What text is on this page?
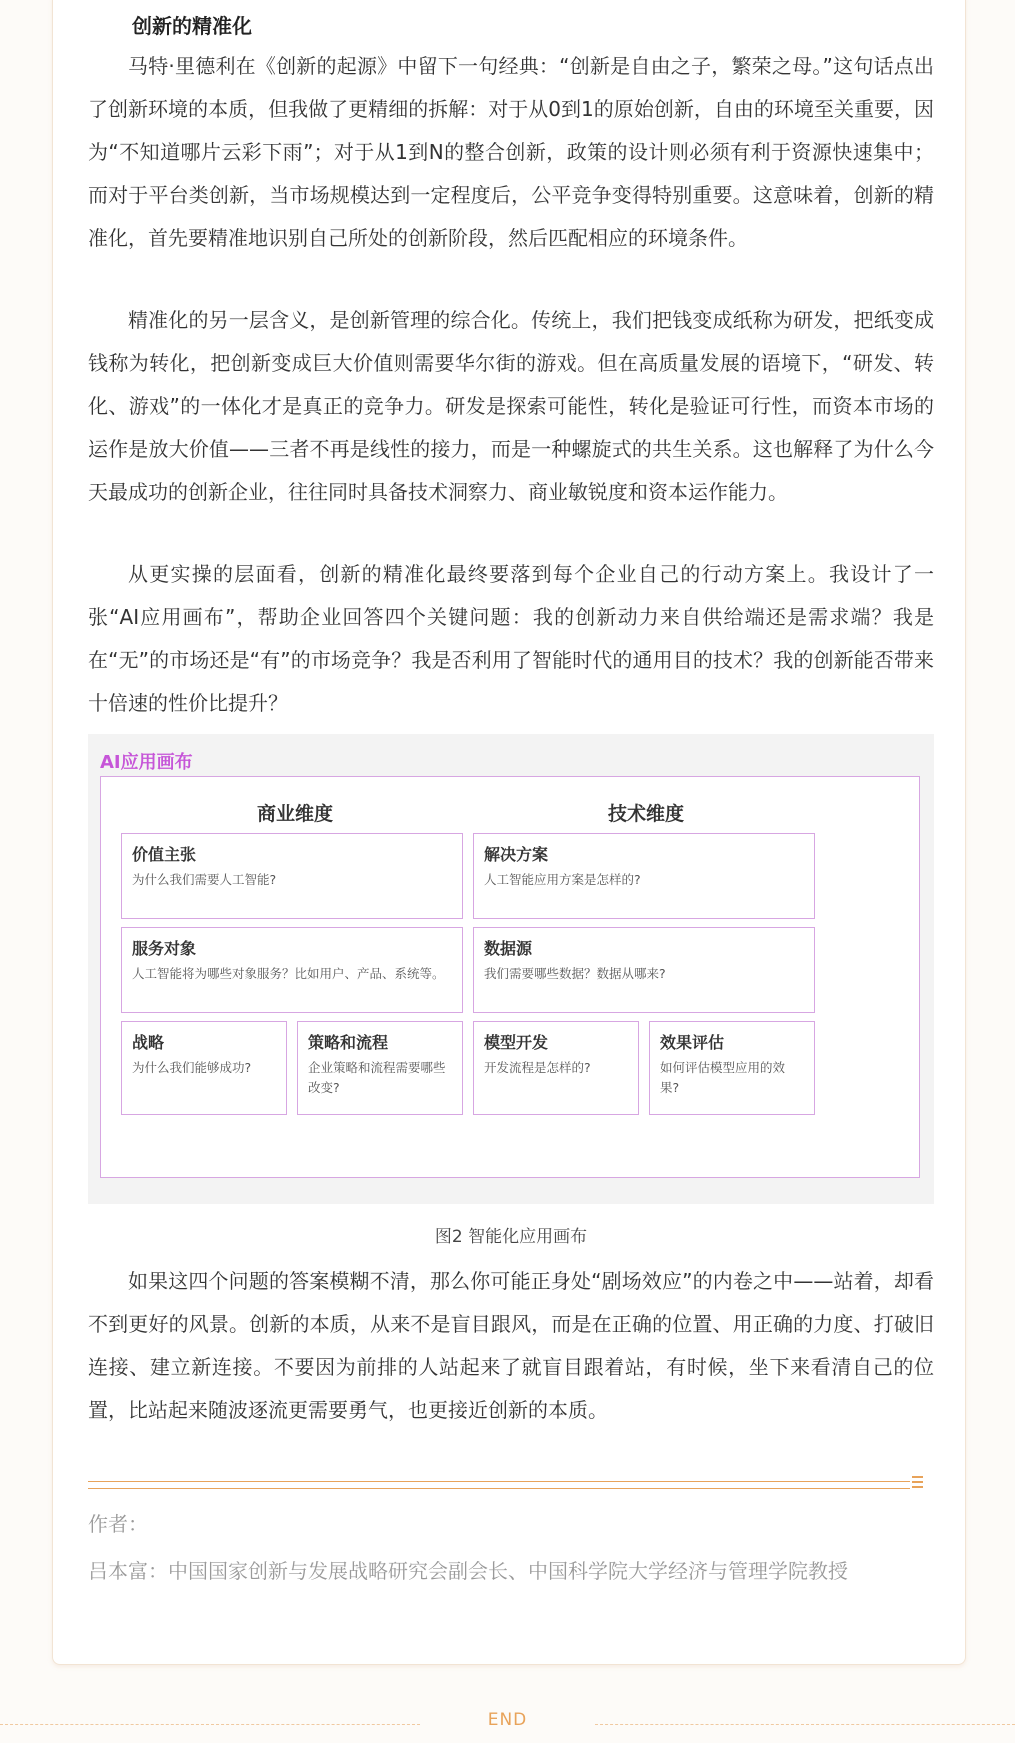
创新的精准化

马特·里德利在《创新的起源》中留下一句经典：“创新是自由之子，繁荣之母。”这句话点出了创新环境的本质，但我做了更精细的拆解：对于从0到1的原始创新，自由的环境至关重要，因为“不知道哪片云彩下雨”；对于从1到N的整合创新，政策的设计则必须有利于资源快速集中；而对于平台类创新，当市场规模达到一定程度后，公平竞争变得特别重要。这意味着，创新的精准化，首先要精准地识别自己所处的创新阶段，然后匹配相应的环境条件。

精准化的另一层含义，是创新管理的综合化。传统上，我们把钱变成纸称为研发，把纸变成钱称为转化，把创新变成巨大价值则需要华尔街的游戏。但在高质量发展的语境下，“研发、转化、游戏”的一体化才是真正的竞争力。研发是探索可能性，转化是验证可行性，而资本市场的运作是放大价值——三者不再是线性的接力，而是一种螺旋式的共生关系。这也解释了为什么今天最成功的创新企业，往往同时具备技术洞察力、商业敏锐度和资本运作能力。

从更实操的层面看，创新的精准化最终要落到每个企业自己的行动方案上。我设计了一张“AI应用画布”，帮助企业回答四个关键问题：我的创新动力来自供给端还是需求端？我是在“无”的市场还是“有”的市场竞争？我是否利用了智能时代的通用目的技术？我的创新能否带来十倍速的性价比提升？

AI应用画布
商业维度	技术维度
价值主张
为什么我们需要人工智能?
解决方案
人工智能应用方案是怎样的?
服务对象
人工智能将为哪些对象服务？比如用户、产品、系统等。
数据源
我们需要哪些数据？数据从哪来?
战略
为什么我们能够成功?
策略和流程
企业策略和流程需要哪些改变?
模型开发
开发流程是怎样的?
效果评估
如何评估模型应用的效果?
图2 智能化应用画布

如果这四个问题的答案模糊不清，那么你可能正身处“剧场效应”的内卷之中——站着，却看不到更好的风景。创新的本质，从来不是盲目跟风，而是在正确的位置、用正确的力度、打破旧连接、建立新连接。不要因为前排的人站起来了就盲目跟着站，有时候，坐下来看清自己的位置，比站起来随波逐流更需要勇气，也更接近创新的本质。

作者：

吕本富：中国国家创新与发展战略研究会副会长、中国科学院大学经济与管理学院教授

END
